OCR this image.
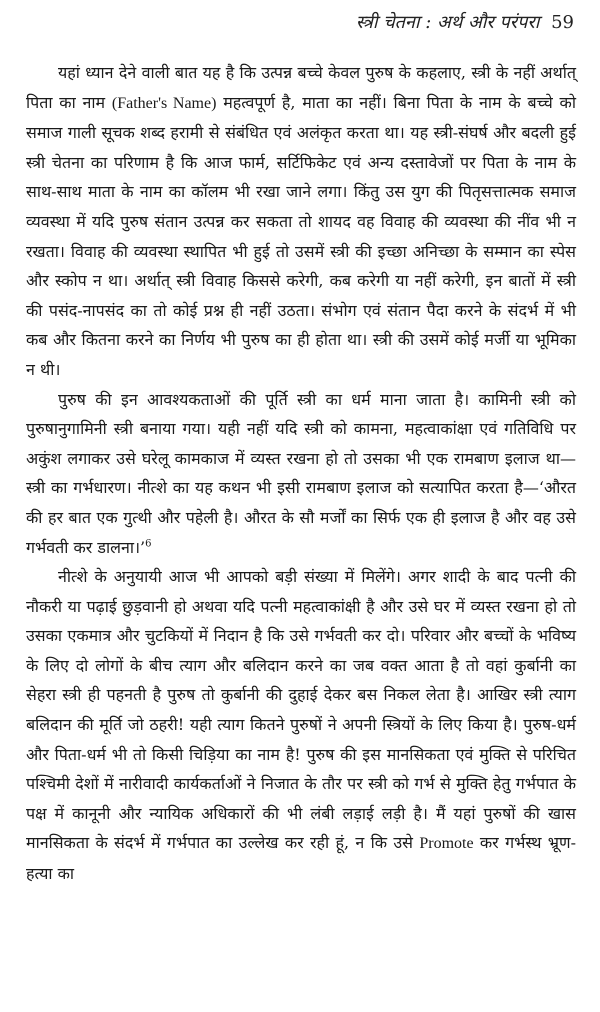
स्त्री चेतना : अर्थ और परंपरा 59

यहां ध्यान देने वाली बात यह है कि उत्पन्न बच्चे केवल पुरुष के कहलाए, स्त्री के नहीं अर्थात् पिता का नाम (Father's Name) महत्वपूर्ण है, माता का नहीं। बिना पिता के नाम के बच्चे को समाज गाली सूचक शब्द हरामी से संबंधित एवं अलंकृत करता था। यह स्त्री-संघर्ष और बदली हुई स्त्री चेतना का परिणाम है कि आज फार्म, सर्टिफिकेट एवं अन्य दस्तावेजों पर पिता के नाम के साथ-साथ माता के नाम का कॉलम भी रखा जाने लगा। किंतु उस युग की पितृसत्तात्मक समाज व्यवस्था में यदि पुरुष संतान उत्पन्न कर सकता तो शायद वह विवाह की व्यवस्था की नींव भी न रखता। विवाह की व्यवस्था स्थापित भी हुई तो उसमें स्त्री की इच्छा अनिच्छा के सम्मान का स्पेस और स्कोप न था। अर्थात् स्त्री विवाह किससे करेगी, कब करेगी या नहीं करेगी, इन बातों में स्त्री की पसंद-नापसंद का तो कोई प्रश्न ही नहीं उठता। संभोग एवं संतान पैदा करने के संदर्भ में भी कब और कितना करने का निर्णय भी पुरुष का ही होता था। स्त्री की उसमें कोई मर्जी या भूमिका न थी।

पुरुष की इन आवश्यकताओं की पूर्ति स्त्री का धर्म माना जाता है। कामिनी स्त्री को पुरुषानुगामिनी स्त्री बनाया गया। यही नहीं यदि स्त्री को कामना, महत्वाकांक्षा एवं गतिविधि पर अकुंश लगाकर उसे घरेलू कामकाज में व्यस्त रखना हो तो उसका भी एक रामबाण इलाज था—स्त्री का गर्भधारण। नीत्शे का यह कथन भी इसी रामबाण इलाज को सत्यापित करता है—‘औरत की हर बात एक गुत्थी और पहेली है। औरत के सौ मर्जों का सिर्फ एक ही इलाज है और वह उसे गर्भवती कर डालना।’$^6$

नीत्शे के अनुयायी आज भी आपको बड़ी संख्या में मिलेंगे। अगर शादी के बाद पत्नी की नौकरी या पढ़ाई छुड़वानी हो अथवा यदि पत्नी महत्वाकांक्षी है और उसे घर में व्यस्त रखना हो तो उसका एकमात्र और चुटकियों में निदान है कि उसे गर्भवती कर दो। परिवार और बच्चों के भविष्य के लिए दो लोगों के बीच त्याग और बलिदान करने का जब वक्त आता है तो वहां कुर्बानी का सेहरा स्त्री ही पहनती है पुरुष तो कुर्बानी की दुहाई देकर बस निकल लेता है। आखिर स्त्री त्याग बलिदान की मूर्ति जो ठहरी! यही त्याग कितने पुरुषों ने अपनी स्त्रियों के लिए किया है। पुरुष-धर्म और पिता-धर्म भी तो किसी चिड़िया का नाम है! पुरुष की इस मानसिकता एवं मुक्ति से परिचित पश्चिमी देशों में नारीवादी कार्यकर्ताओं ने निजात के तौर पर स्त्री को गर्भ से मुक्ति हेतु गर्भपात के पक्ष में कानूनी और न्यायिक अधिकारों की भी लंबी लड़ाई लड़ी है। मैं यहां पुरुषों की खास मानसिकता के संदर्भ में गर्भपात का उल्लेख कर रही हूं, न कि उसे Promote कर गर्भस्थ भ्रूण-हत्या का
